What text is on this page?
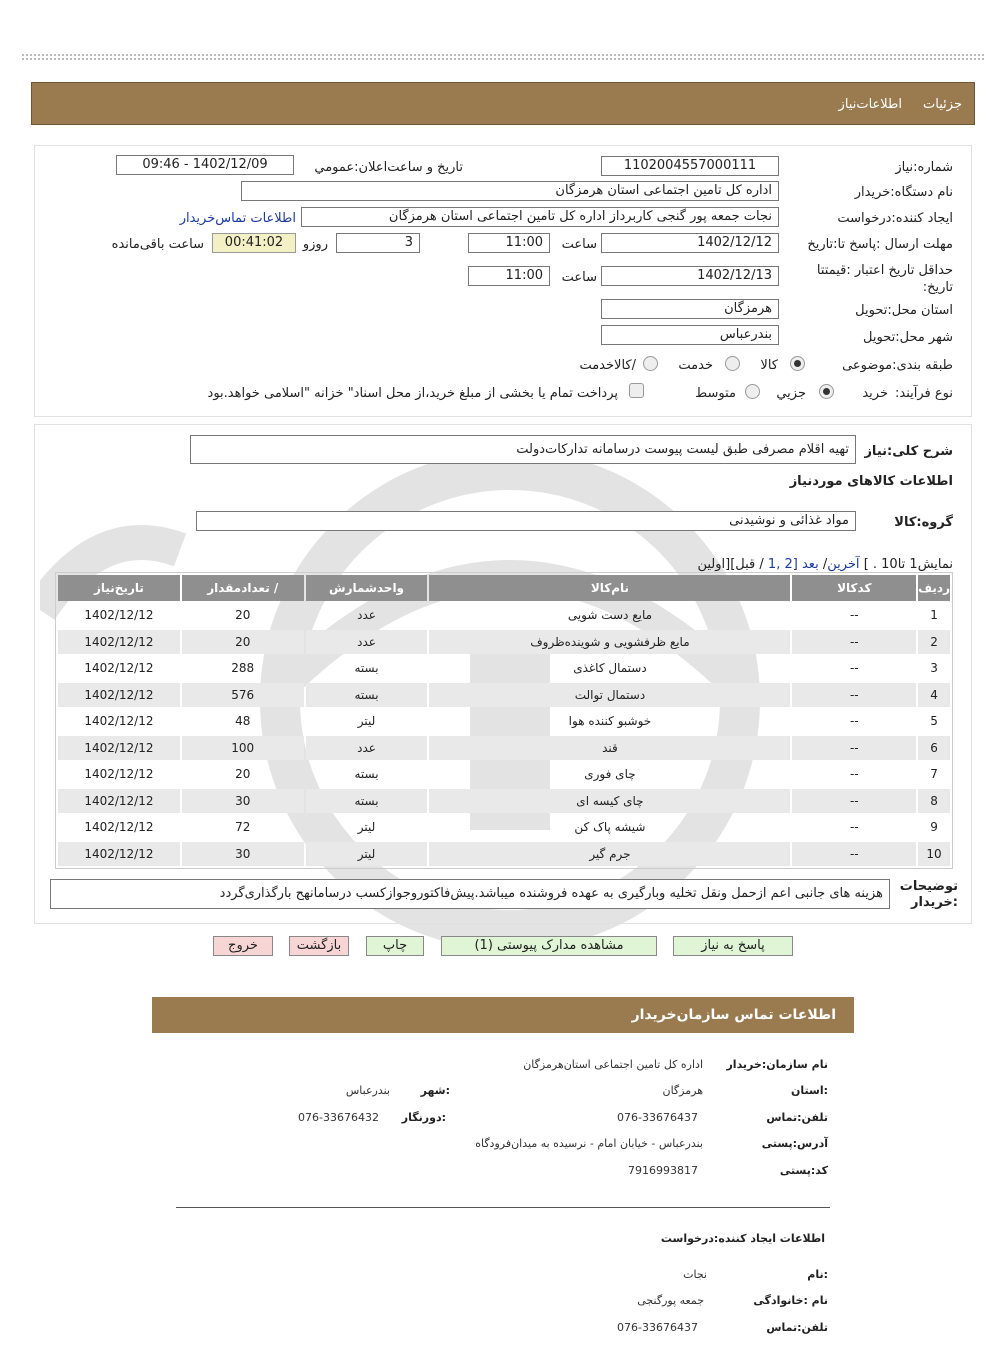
جزئیات
اطلاعات‌نیاز
شماره:نیاز
1102004557000111
تاریخ و ساعت‌اعلان:عمومي
1402/12/09 - 09:46
نام دستگاه:خریدار
اداره کل تامین اجتماعی استان هرمزگان
ایجاد کننده:درخواست
نجات جمعه پور گنجی کاربرداز اداره کل تامین اجتماعی استان هرمزگان
اطلاعات تماس‌خریدار
مهلت ارسال :پاسخ تا:تاریخ
1402/12/12
ساعت
11:00
3
روزو
00:41:02
ساعت باقی‌مانده
حداقل تاریخ اعتبار :قیمتتا تاریخ:
1402/12/13
ساعت
11:00
استان محل:تحویل
هرمزگان
شهر محل:تحویل
بندرعباس
طبقه بندی:موضوعی
کالا
خدمت
/کالاخدمت
نوع فرآیند:
خرید
جزیي
متوسط
پرداخت تمام یا بخشی از مبلغ خرید،از محل اسناد" خزانه "اسلامی خواهد.بود
شرح کلی:نیاز
تهیه اقلام مصرفی طبق لیست پیوست درسامانه تدارکات‌دولت
اطلاعات کالاهای موردنیاز
گروه:کالا
مواد غذائی و نوشیدنی
نمایش1 تا10 . ] آخرین/ بعد [2 ,1 / قبل][اولین
ردیف	کدکالا	نام‌کالا	واحدشمارش	/ تعدادمقدار	تاریخ‌نیاز
1	--	مایع دست شویی	عدد	20	1402/12/12
2	--	مایع ظرفشویی و شوینده‌ظروف	عدد	20	1402/12/12
3	--	دستمال کاغذی	بسته	288	1402/12/12
4	--	دستمال توالت	بسته	576	1402/12/12
5	--	خوشبو کننده هوا	لیتر	48	1402/12/12
6	--	قند	عدد	100	1402/12/12
7	--	چای فوری	بسته	20	1402/12/12
8	--	چای کیسه ای	بسته	30	1402/12/12
9	--	شیشه پاک کن	لیتر	72	1402/12/12
10	--	جرم گیر	لیتر	30	1402/12/12
توضیحات :خریدار
هزینه های جانبی اعم ازحمل ونقل تخلیه وبارگیری به عهده فروشنده میباشد.پیش‌فاکتوروجوازکسب درسامانهح بارگذاری‌گردد
پاسخ به نیاز
مشاهده مدارک پیوستی (1)
چاپ
بازگشت
خروج
اطلاعات تماس سازمان‌خریدار
نام سازمان:خریدار
اداره کل تامین اجتماعی استان‌هرمزگان
:استان
هرمزگان
:شهر
بندرعباس
تلفن:تماس
076-33676437
:دورنگار
076-33676432
آدرس:پستی
بندرعباس - خیابان امام - نرسیده به میدان‌فرودگاه
کد:پستی
7916993817
اطلاعات ایجاد کننده:درخواست
:نام
نجات
نام :خانوادگی
جمعه پورگنجی
تلفن:تماس
076-33676437
